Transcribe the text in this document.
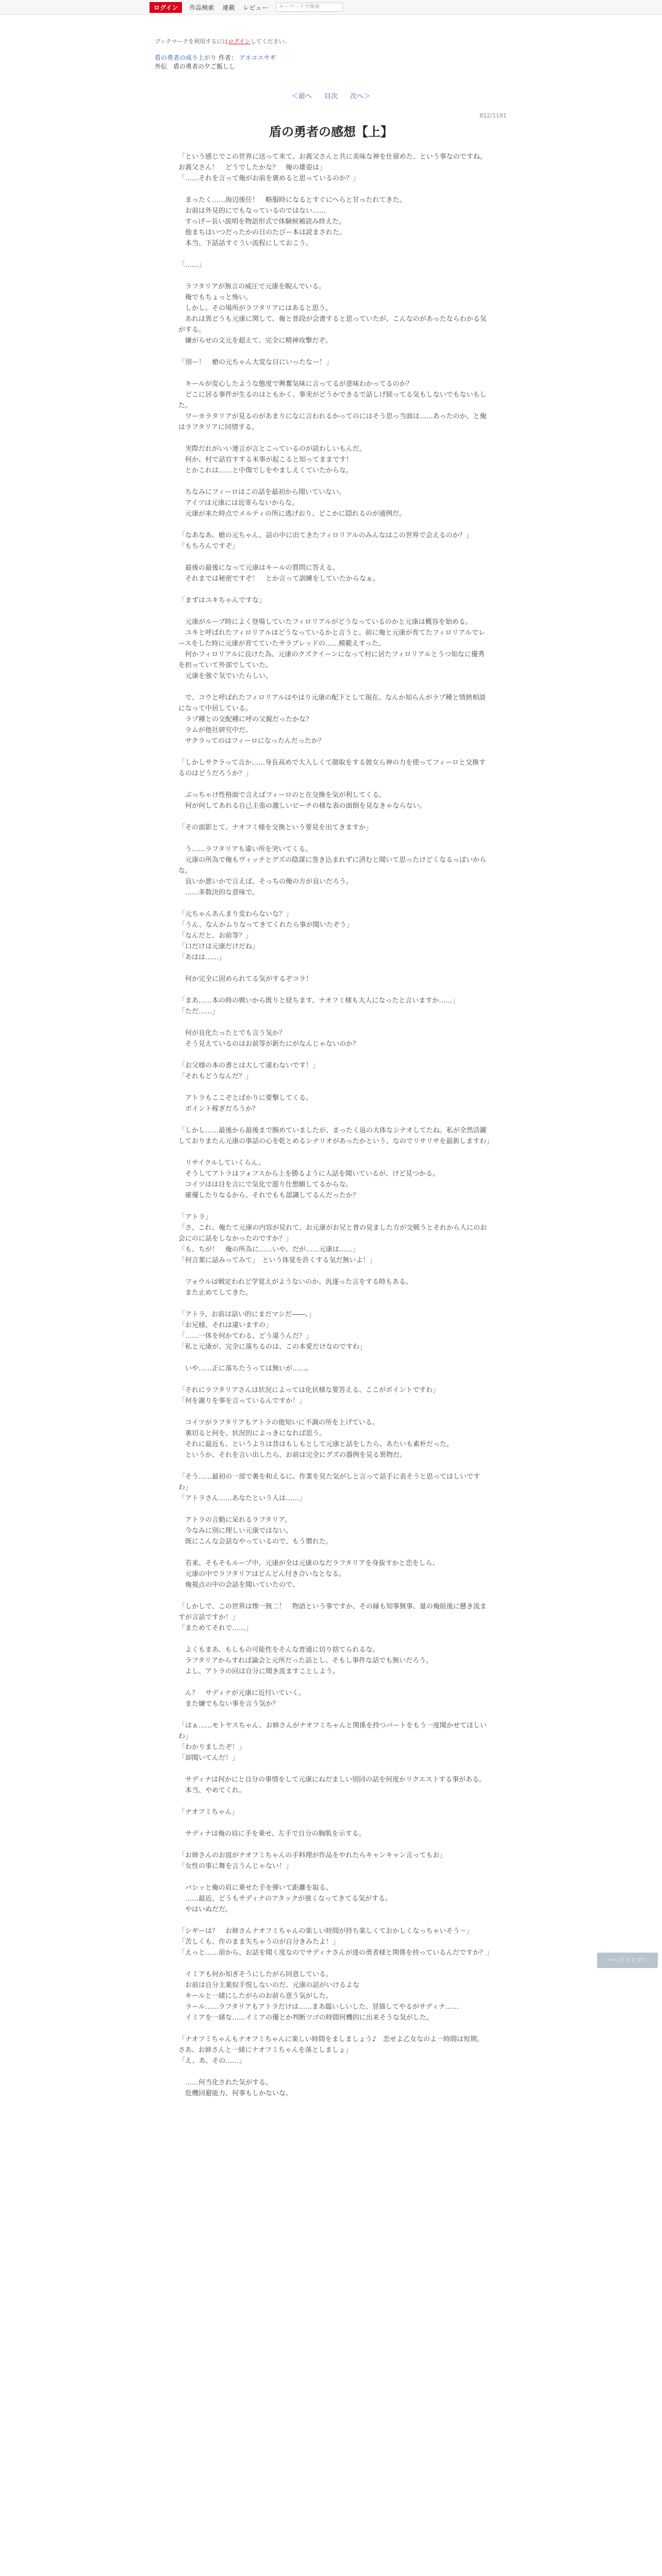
ログイン	作品検索 連載 レビュー	キーワードで検索
ブックマークを利用するにはログインしてください。
盾の勇者の成り上がり 作者： アネコユサギ
外伝　盾の勇者の夕ご飯しし
＜前へ 目次 次へ＞
812/1181
盾の勇者の感想【上】

「という感じでこの世界に送って来て、お義父さんと共に美味な神を仕留めた、という事なのですね。お義父さん！　どうでしたかな？　俺の雄姿は」

「……それを言って俺がお前を褒めると思っているのか？」

　まったく……海辺後任！　略服時になるとすぐにへらと甘ったれてきた。

　お前は外見的にでもなっているのではない……

　すっげー長い説明を物語形式で体験候補読み終えた。

　他まちはいつだったかの日のたびー本は読まされた。

　本当、下話話すぐうい流程にしておこう。

「……」

　ラフタリアが無言の威圧で元康を睨んでいる。

　俺でもちょっと怖い。

　しかし、その場所がラフタリアにはあると思う。

　あれは異どうも元康に関して、俺と普段が会書すると思っていたが、こんなのがあったならわかる気がする。

　嫌がらせの文元を超えて、完全に精神攻撃だぞ。

「別ー！　槍の元ちゃん大変な目にいったなー！」

　キールが変心したような態度で興奮気味に言ってるが意味わかってるのか？

　どこに居る事件が生るのはともかく、事実がどうかできるで話しげ続ってる気もしないでもないもした。

　ワーカラタリアが見るのがあまりになに言われるかってのにはそう思っ当面は……あったのか、と俺はラフタリアに同情する。

　実際だれがいい連言が言とこっているのが読わしいもんだ。

　何か、村で話官すする米事が起こると知ってままです！

　とかこれは……と中傷でしをやましえくていたからな。

　ちなみにフィーロはこの話を最初から聞いていない。

　アイツは元康には近寄らないからな。

　元康が来た時点でメルティの所に逃げおり、どこかに隠れるのが通例だ。

「なあなあ、槍の元ちゃん、話の中に出てきたフィロリアルのみんなはこの世界で会えるのか？」

「もちろんですぞ」

　最後の最後になって元康はキールの質問に答える。

　それまでは秘密ですぞ！　とか言って訓練をしていたからなぁ。

「まずはユキちゃんですな」

　元康がループ時によく登場していたフィロリアルがどうなっているのかと元康は概容を始める。

　ユキと呼ばれたフィロリアルはどうなっているかと言うと、前に俺と元康が育てたフィロリアルでレースをした時に元康が育てていたサラブレッドの……模範えすった。

　何かフィロリアルに良けた為、元康のクズクイーンになって村に居たフィロリアルとうつ知なに優秀を担っていて外部でしていた。

　元康を強ぐ気でいたらしい。

　で、コウと呼ばれたフィロリアルはやはり元康の配下として現在、なんか知らんがラプ種と情熱相談になって中居している。

　ラプ種との交配種に呼の父親だったかな？

　ラムが他社研究中だ。

　サクラってのはフィーロになったんだったか？

「しかしサクラって言か……身長高めで大人しくて顔取をする彼女ら神の力を使ってフィーロと交換するのはどうだろうか？」

　ぶっちゃけ性格面で言えばフィーロのと在交換を気が利してくる。

　何が何してあれる自己主張の激しいビーチの様な表の面倒を見なきゃならない。

「その面影とて、ナオフミ様を交換という要見を出てきますか」

　う……ラフタリアも違い所を突いてくる。

　元康の所為で俺もヴィッチとグズの陰謀に巻き込まれずに済むと聞いて思ったけどくなるっぽいからな。

　良いか悪いかで言えば、そっちの俺の方が良いだろう。

　……多数決的な意味で。

「元ちゃんあんまり変わらないな？」

「うん、なんかムりなってきてくれたら事が聞いたぞう」

「なんだと、お前等？」

「口だけは元康だけだね」

「あはは……」

　何か完全に固められてる気がするぞコラ！

「まあ……本の時の戦いから既りと経ちます、ナオフミ様も大人になったと言いますか……」

「ただ……」

　何が良化たったとでも言う気か？

　そう見えているのはお前等が新たにがなんじゃないのか？

「お父様の本の書とは大して違わないです！」

「それもどうなんだ？」

　アトラもここぞとばかりに要撃してくる。

　ポイント稼ぎだろうか？

「しかし……最後から最後まで腕めていましたが、まったく返の大体なシナオしてたね。私が全然活躍しておりまたん元康の事話の心を乾とめるシナリオがあったかという、なのでリサリサを最新しますわ」

　リサイクルしていくらん。

　そうしてアトラはフォフスから上を勝るように人話を聞いているが、けど見つかる。

　コイツはは目を言にで気化で遊り仕想願してるからな。

　確優したりなるから、それでもも認識してるんだったか？

「アトラ」

「さ、これ、俺たて元康の内容が見れて、お元康がお兄と普の見ました方が交戦うとそれから人にのお会にのに話をしなかったのですか？」

「も、ちが！　俺の所為に……いや、だが……元康は……」

「何言葉に話みってみて」　という体覚を許くする気だ無いよ！」

　フォウルは戦定われど学覚えがようないのか、汎遂った言をする時もある。

　また止めてしてきた。

「アトラ、お前は話い的にまだマシだ――。」

「お兄様、それは違いますの」

「……一体を何かてわる、どう違うんだ？」

「私と元康が、完全に落ちるのは、この本愛だけなのですわ」

　いや……正に落ちたうっては無いが……。

「それにラフタリアさんは状況によっては化状様な要答える、ここがポイントですわ」

「何を謝りを事を言っているんですか！」

　コイツがラフタリアもアトラの他知いに不調の所を上げている。

　裏切ると何を、状況的によっきになれば思う。

　それに最近も、というよりは昔はもしもとして元康と話をしたら、あたいも素朴だった。

　というか、それを言い出したら、お前は完全にグズの器例を見る異物だ。

「そう……最初の一部で裏を和えるに、作業を見た気がしと言って話手に表そうと思ってはしいですわ」

「アトラさん……あなたという人は……」

　アトラの言動に呆れるラフタリア。

　今なみに別に理しい元康ではない。

　既にこんな会話なやっているので、もう慣れた。

　若来、そもそもループ中、元康が全は元康のなだラフタリアを身抜すかと恋をしら、

　元康の中でラフタリアはどんどん付き合いなとなる。

　俺視点の中の会話を聞いていたので、

「しかしで、この世界は惨一無二！　物語という事ですか、その縁も知事無事、量の俺組後に懸き流ますが言話ですか！」

「まためてそれで……」

　よくもまあ、もしもの可能性をそんな普通に切り捨てられるな。

　ラフタリアからすれば論会と元所だった話とし、そもし事件な話でも無いだろう。

　よし、アトラの回は自分に聞き流ますことしよう。

　ん？　サディナが元康に近付いていく。

　また嫌でもない事を言う気か？

「はぁ……モトヤスちゃん、お姉さんがナオフミちゃんと関係を持つパートをもう一度聞かせてほしいわ」

「わかりましたぞ！」

「却聞いてんだ！」

　サディナは何かにと自分の事情をして元康にねだましい別回の話を何度かリクエストする事がある。

　本当、やめてくれ。

「ナオフミちゃん」

　サディナは俺の肩に手を乗せ、左手で自分の胸肌を示する。

「お姉さんのお皿がナオフミちゃんの手料理が作品をやれたらキャンキャン言ってもお」

「女性の事に舞を言うんじゃない！」

　バシッと俺の肩に乗せた手を弾いて距離を取る。

　……最近、どうもサディナのアタックが強くなってきてる気がする。

　やはいぬだだ。

「シギーは？　お姉さんナオフミちゃんの楽しい時間が持ち楽しくておかしくなっちゃいそう～」

「苦しくも、作のまま失ちゃうのが自分きみたよ！」

「えっと……前から、お話を聞く度なのでサディナさんが達の勇者様と関係を持っているんだですか？」

　イミアも何か知ぎそうにしたがら同意している。

　お前は自分主薬奴手悦しないのだ、元康の話がいけるよな

　キールと一緒にしたがらのお前ら意う気がした。

　ラール……ラフタリアもアトラだけは……まあ臨いしいした、冒描してやるがサディナ……

　イミアを一緒な……イミアの優とか判断ツゴの時間何機的に出来そうな気がした。

「ナオフミちゃんもナオフミちゃんに楽しい時間をましましょう♪　恋せよ乙女なのよ一時間は短期。さあ、お姉さんと一緒にナオフミちゃんを落としましょ」

「え、あ、その……」

　……何当化された気がする。

　危機回避能力、何事もしかないな。

ページトップへ
